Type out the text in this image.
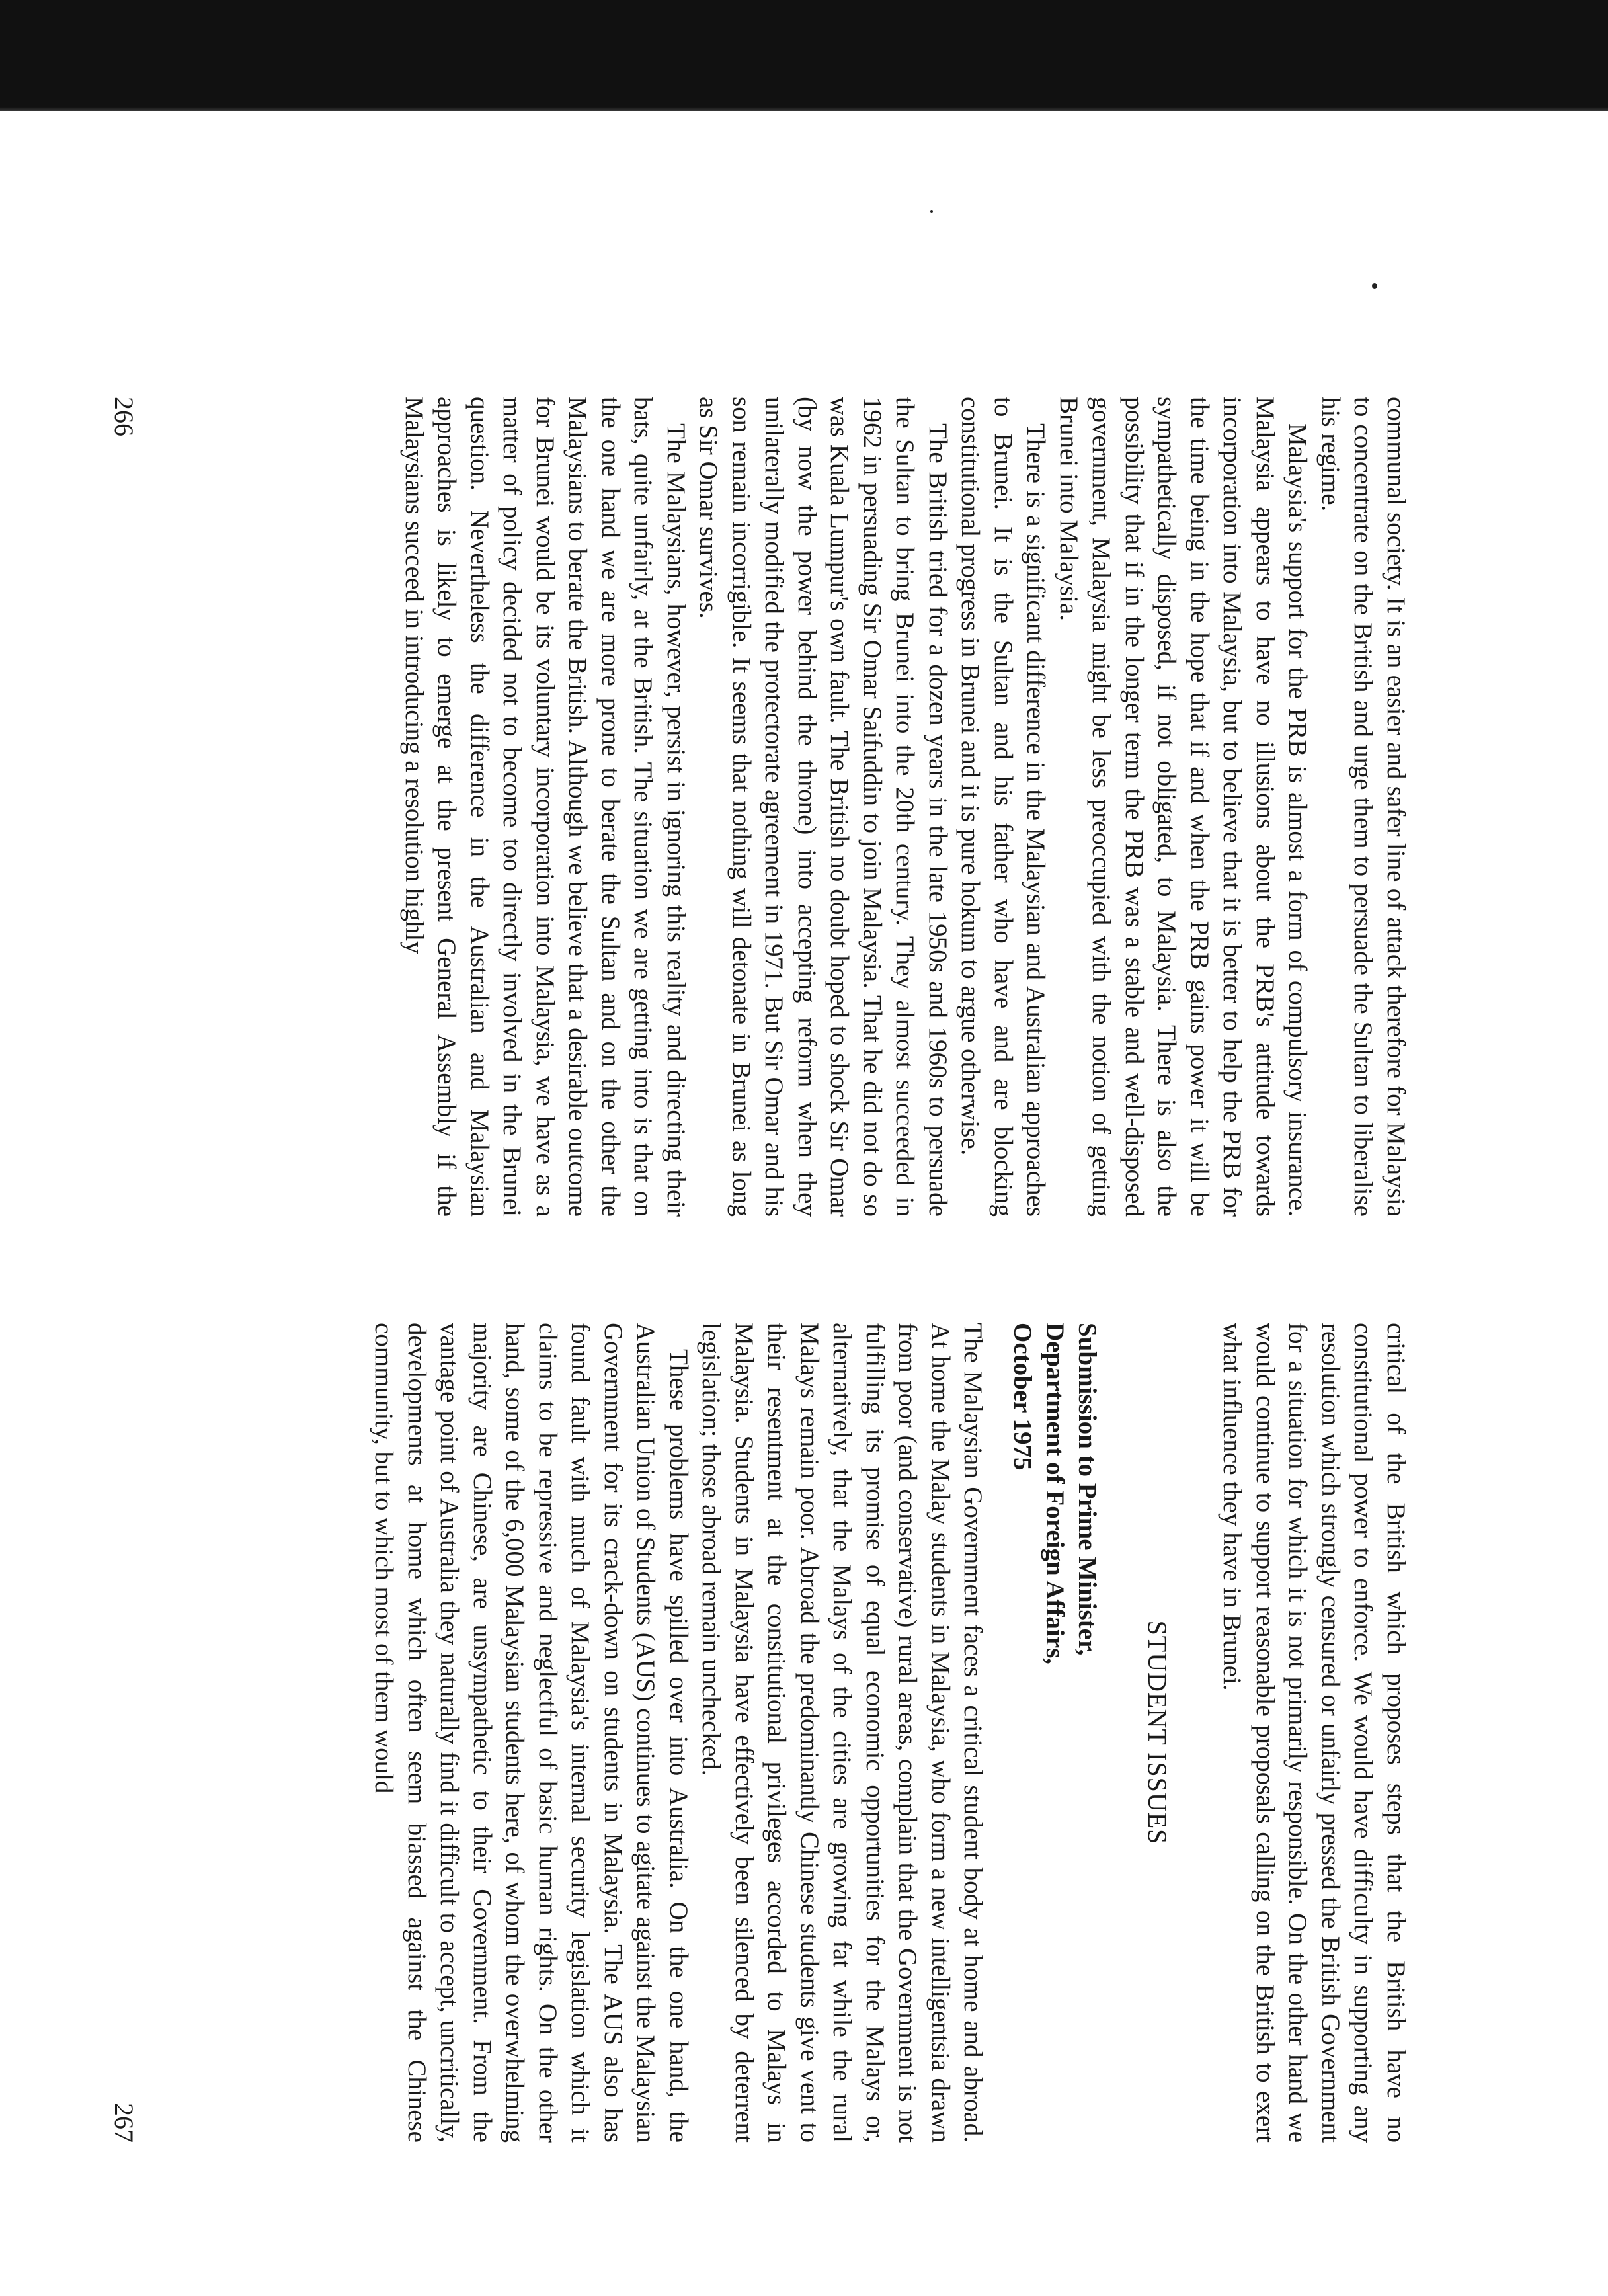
communal society. It is an easier and safer line of attack therefore for Malaysia to concentrate on the British and urge them to persuade the Sultan to liberalise his regime.

Malaysia's support for the PRB is almost a form of compulsory insurance. Malaysia appears to have no illusions about the PRB's attitude towards incorporation into Malaysia, but to believe that it is better to help the PRB for the time being in the hope that if and when the PRB gains power it will be sympathetically disposed, if not obligated, to Malaysia. There is also the possibility that if in the longer term the PRB was a stable and well-disposed government, Malaysia might be less preoccupied with the notion of getting Brunei into Malaysia.

There is a significant difference in the Malaysian and Australian approaches to Brunei. It is the Sultan and his father who have and are blocking constitutional progress in Brunei and it is pure hokum to argue otherwise.

The British tried for a dozen years in the late 1950s and 1960s to persuade the Sultan to bring Brunei into the 20th century. They almost succeeded in 1962 in persuading Sir Omar Saifuddin to join Malaysia. That he did not do so was Kuala Lumpur's own fault. The British no doubt hoped to shock Sir Omar (by now the power behind the throne) into accepting reform when they unilaterally modified the protectorate agreement in 1971. But Sir Omar and his son remain incorrigible. It seems that nothing will detonate in Brunei as long as Sir Omar survives.

The Malaysians, however, persist in ignoring this reality and directing their bats, quite unfairly, at the British. The situation we are getting into is that on the one hand we are more prone to berate the Sultan and on the other the Malaysians to berate the British. Although we believe that a desirable outcome for Brunei would be its voluntary incorporation into Malaysia, we have as a matter of policy decided not to become too directly involved in the Brunei question. Nevertheless the difference in the Australian and Malaysian approaches is likely to emerge at the present General Assembly if the Malaysians succeed in introducing a resolution highly

266

critical of the British which proposes steps that the British have no constitutional power to enforce. We would have difficulty in supporting any resolution which strongly censured or unfairly pressed the British Government for a situation for which it is not primarily responsible. On the other hand we would continue to support reasonable proposals calling on the British to exert what influence they have in Brunei.

STUDENT ISSUES
Submission to Prime Minister,
Department of Foreign Affairs,
October 1975

The Malaysian Government faces a critical student body at home and abroad. At home the Malay students in Malaysia, who form a new intelligentsia drawn from poor (and conservative) rural areas, complain that the Government is not fulfilling its promise of equal economic opportunities for the Malays or, alternatively, that the Malays of the cities are growing fat while the rural Malays remain poor. Abroad the predominantly Chinese students give vent to their resentment at the constitutional privileges accorded to Malays in Malaysia. Students in Malaysia have effectively been silenced by deterrent legislation; those abroad remain unchecked.

These problems have spilled over into Australia. On the one hand, the Australian Union of Students (AUS) continues to agitate against the Malaysian Government for its crack-down on students in Malaysia. The AUS also has found fault with much of Malaysia's internal security legislation which it claims to be repressive and neglectful of basic human rights. On the other hand, some of the 6,000 Malaysian students here, of whom the overwhelming majority are Chinese, are unsympathetic to their Government. From the vantage point of Australia they naturally find it difficult to accept, uncritically, developments at home which often seem biassed against the Chinese community, but to which most of them would

267
